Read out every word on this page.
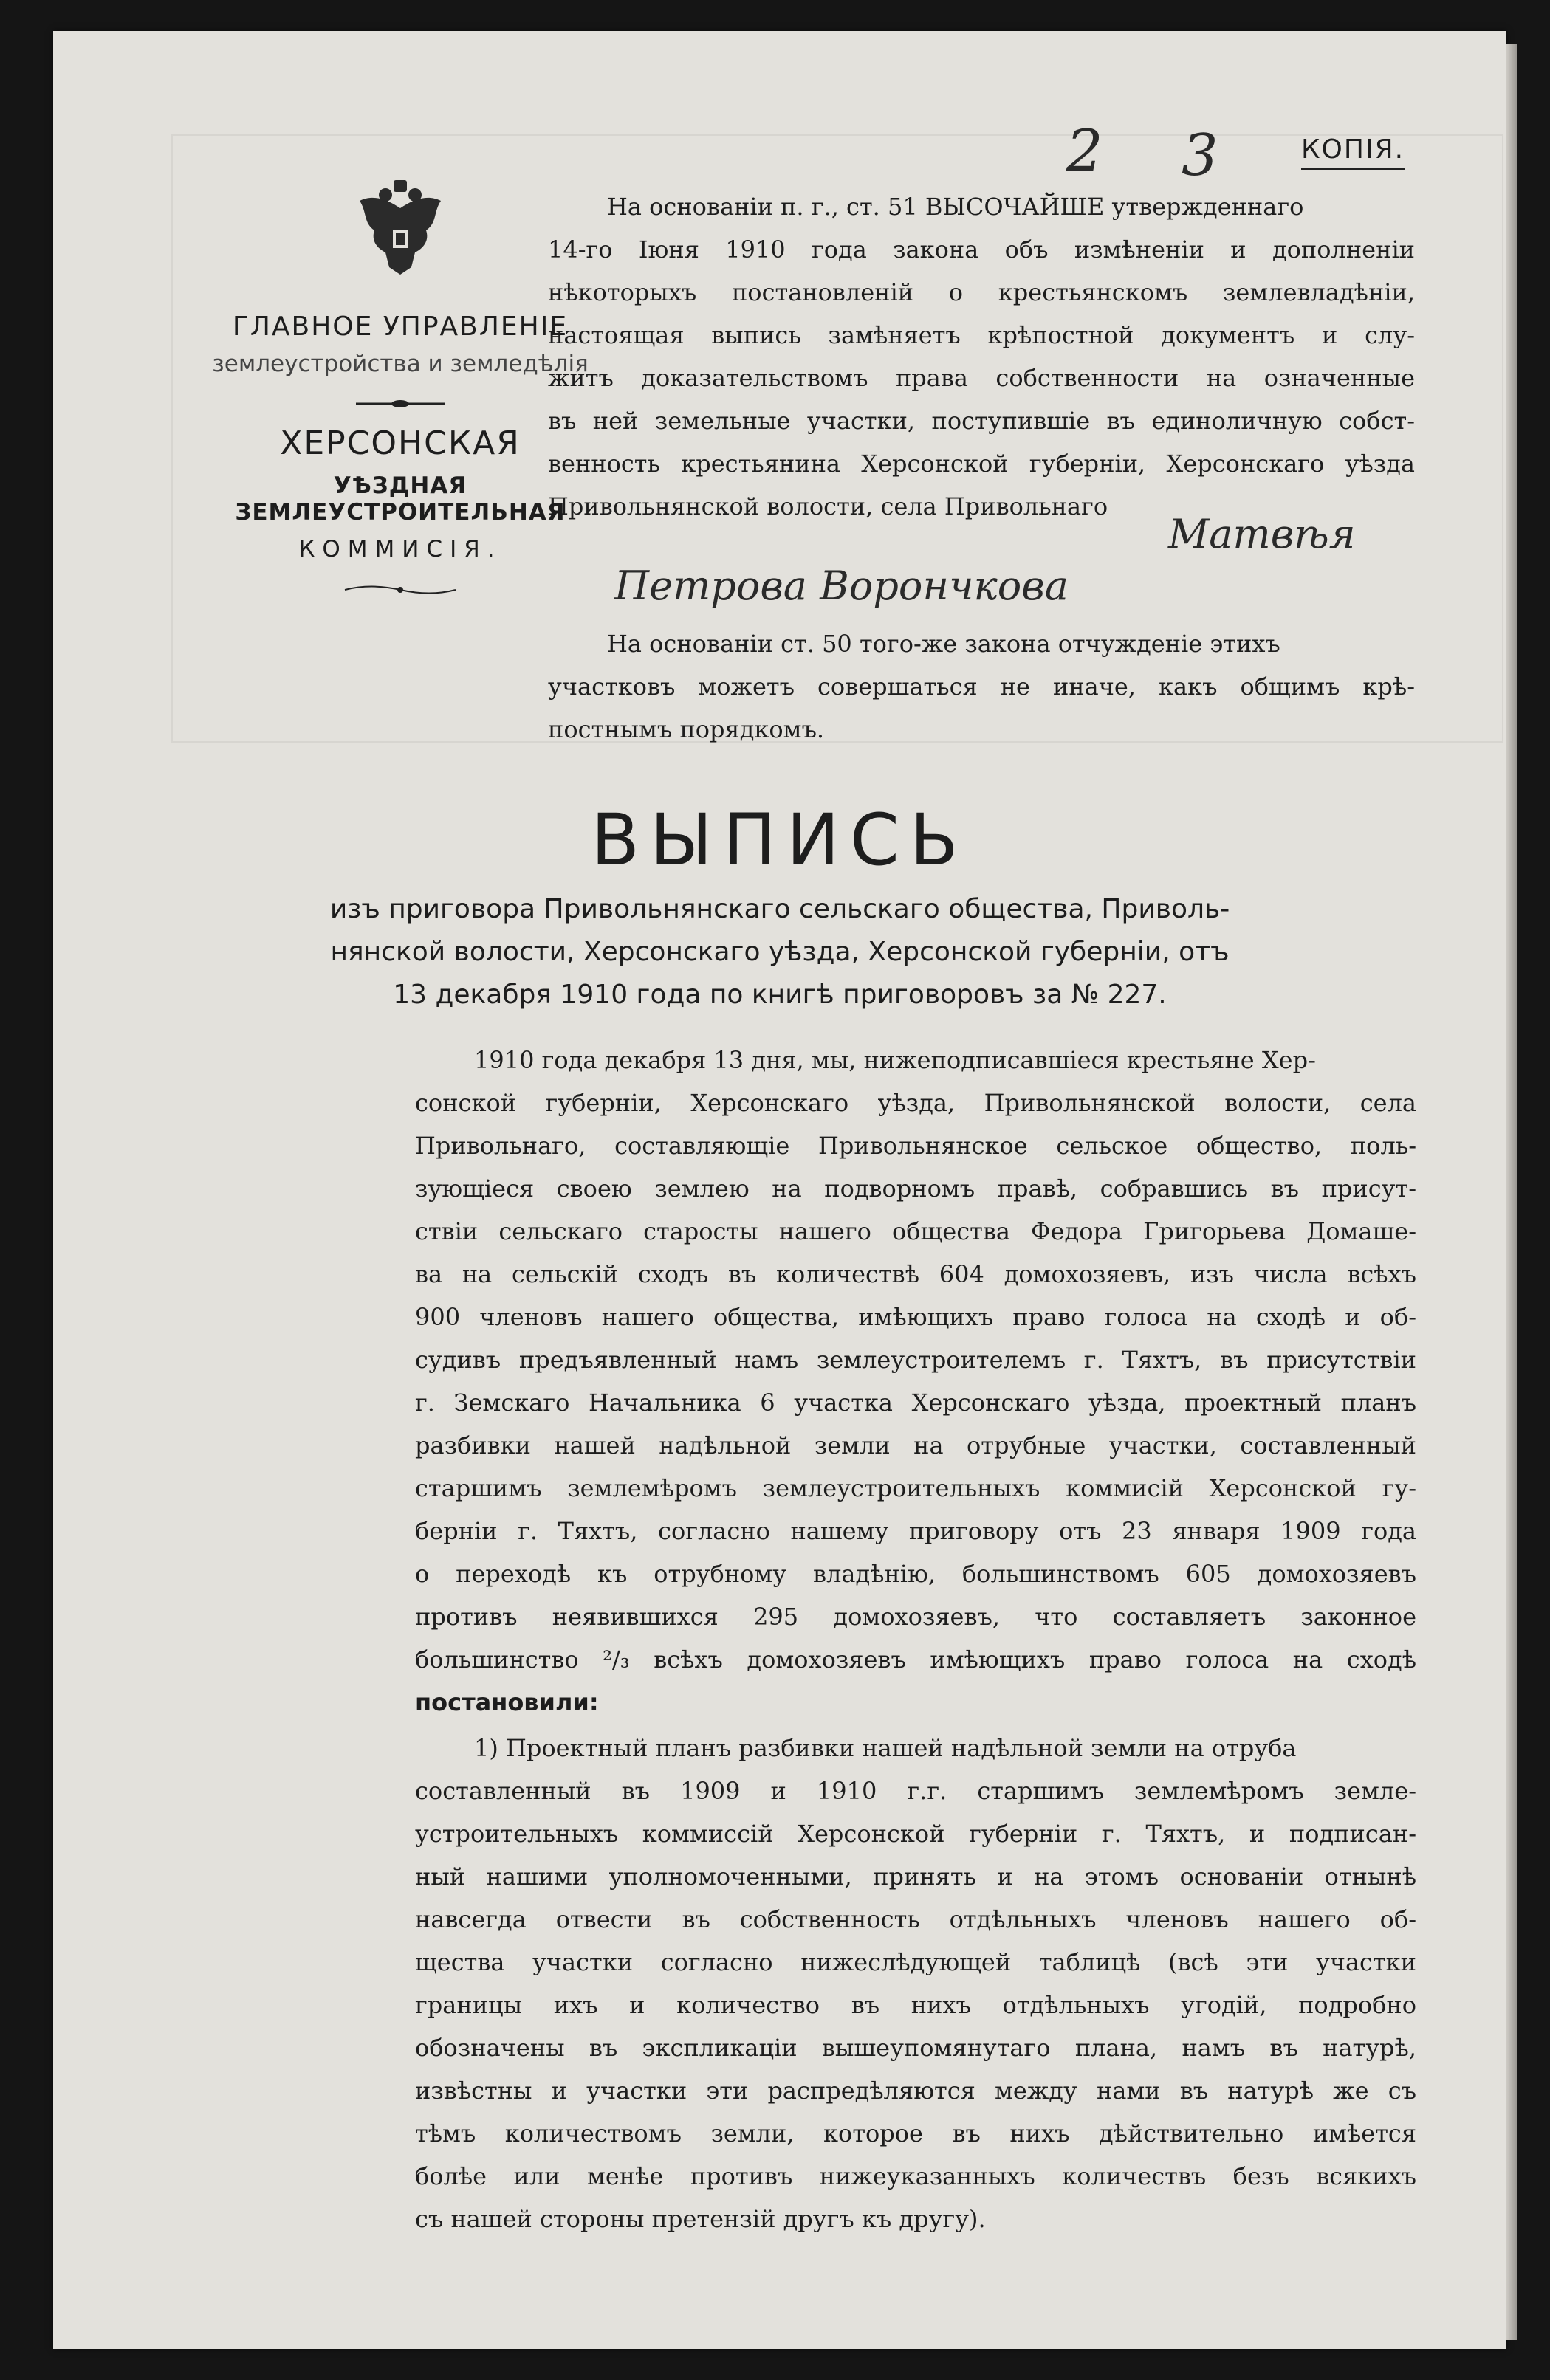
2 3	КОПІЯ.
ГЛАВНОЕ УПРАВЛЕНІЕ
землеустройства и земледѣлія
ХЕРСОНСКАЯ
УѢЗДНАЯ ЗЕМЛЕУСТРОИТЕЛЬНАЯ
КОММИСІЯ.
На основаніи п. г., ст. 51 ВЫСОЧАЙШЕ утвержденнаго
14-го Іюня 1910 года закона объ измѣненіи и дополненіи
нѣкоторыхъ постановленій о крестьянскомъ землевладѣніи,
настоящая выпись замѣняетъ крѣпостной документъ и слу-
житъ доказательствомъ права собственности на означенные
въ ней земельные участки, поступившіе въ единоличную собст-
венность крестьянина Херсонской губерніи, Херсонскаго уѣзда
Привольнянской волости, села Привольнаго
Матвѣя
Петрова Ворончкова
На основаніи ст. 50 того-же закона отчужденіе этихъ
участковъ можетъ совершаться не иначе, какъ общимъ крѣ-
постнымъ порядкомъ.
ВЫПИСЬ
изъ приговора Привольнянскаго сельскаго общества, Приволь-
нянской волости, Херсонскаго уѣзда, Херсонской губерніи, отъ
13 декабря 1910 года по книгѣ приговоровъ за № 227.
1910 года декабря 13 дня, мы, нижеподписавшіеся крестьяне Хер-
сонской губерніи, Херсонскаго уѣзда, Привольнянской волости, села
Привольнаго, составляющіе Привольнянское сельское общество, поль-
зующіеся своею землею на подворномъ правѣ, собравшись въ присут-
ствіи сельскаго старосты нашего общества Федора Григорьева Домаше-
ва на сельскій сходъ въ количествѣ 604 домохозяевъ, изъ числа всѣхъ
900 членовъ нашего общества, имѣющихъ право голоса на сходѣ и об-
судивъ предъявленный намъ землеустроителемъ г. Тяхтъ, въ присутствіи
г. Земскаго Начальника 6 участка Херсонскаго уѣзда, проектный планъ
разбивки нашей надѣльной земли на отрубные участки, составленный
старшимъ землемѣромъ землеустроительныхъ коммисій Херсонской гу-
берніи г. Тяхтъ, согласно нашему приговору отъ 23 января 1909 года
о переходѣ къ отрубному владѣнію, большинствомъ 605 домохозяевъ
противъ неявившихся 295 домохозяевъ, что составляетъ законное
большинство ²/₃ всѣхъ домохозяевъ имѣющихъ право голоса на сходѣ
постановили:
1) Проектный планъ разбивки нашей надѣльной земли на отруба
составленный въ 1909 и 1910 г.г. старшимъ землемѣромъ земле-
устроительныхъ коммиссій Херсонской губерніи г. Тяхтъ, и подписан-
ный нашими уполномоченными, принять и на этомъ основаніи отнынѣ
навсегда отвести въ собственность отдѣльныхъ членовъ нашего об-
щества участки согласно нижеслѣдующей таблицѣ (всѣ эти участки
границы ихъ и количество въ нихъ отдѣльныхъ угодій, подробно
обозначены въ экспликаціи вышеупомянутаго плана, намъ въ натурѣ,
извѣстны и участки эти распредѣляются между нами въ натурѣ же съ
тѣмъ количествомъ земли, которое въ нихъ дѣйствительно имѣется
болѣе или менѣе противъ нижеуказанныхъ количествъ безъ всякихъ
съ нашей стороны претензій другъ къ другу).
